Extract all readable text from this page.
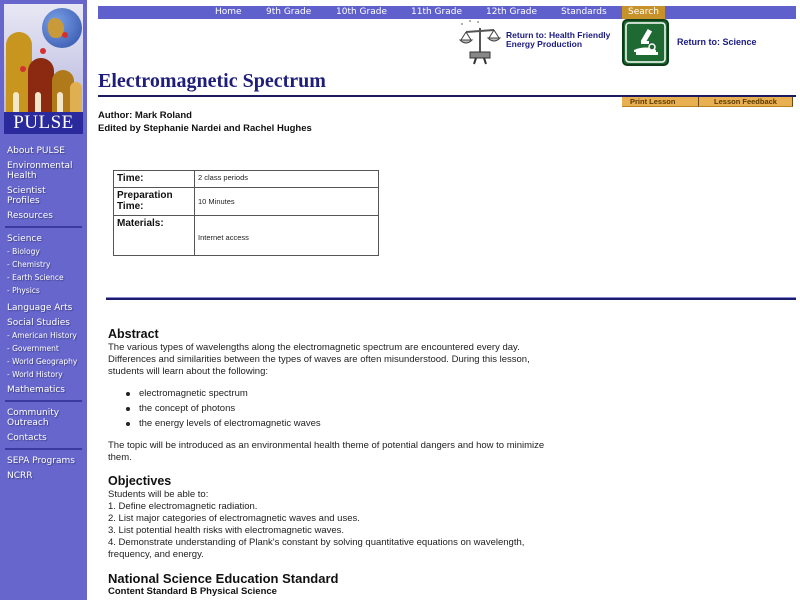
PULSE
About PULSE
Environmental Health
Scientist Profiles
Resources
Science
- Biology
- Chemistry
- Earth Science
- Physics
Language Arts
Social Studies
- American History
- Government
- World Geography
- World History
Mathematics
Community Outreach
Contacts
SEPA Programs
NCRR
Home	9th Grade	10th Grade	11th Grade	12th Grade	Standards	Search
Return to: Health Friendly Energy Production	Return to: Science
Electromagnetic Spectrum
Print Lesson	Lesson Feedback
Author: Mark Roland
Edited by Stephanie Nardei and Rachel Hughes
Time:	2 class periods
Preparation Time:	10 Minutes
Materials:	Internet access
Abstract

The various types of wavelengths along the electromagnetic spectrum are encountered every day. Differences and similarities between the types of waves are often misunderstood. During this lesson, students will learn about the following:

electromagnetic spectrum
the concept of photons
the energy levels of electromagnetic waves

The topic will be introduced as an environmental health theme of potential dangers and how to minimize them.

Objectives

Students will be able to:

1. Define electromagnetic radiation.

2. List major categories of electromagnetic waves and uses.

3. List potential health risks with electromagnetic waves.

4. Demonstrate understanding of Plank's constant by solving quantitative equations on wavelength, frequency, and energy.

National Science Education Standard
Content Standard B Physical Science
